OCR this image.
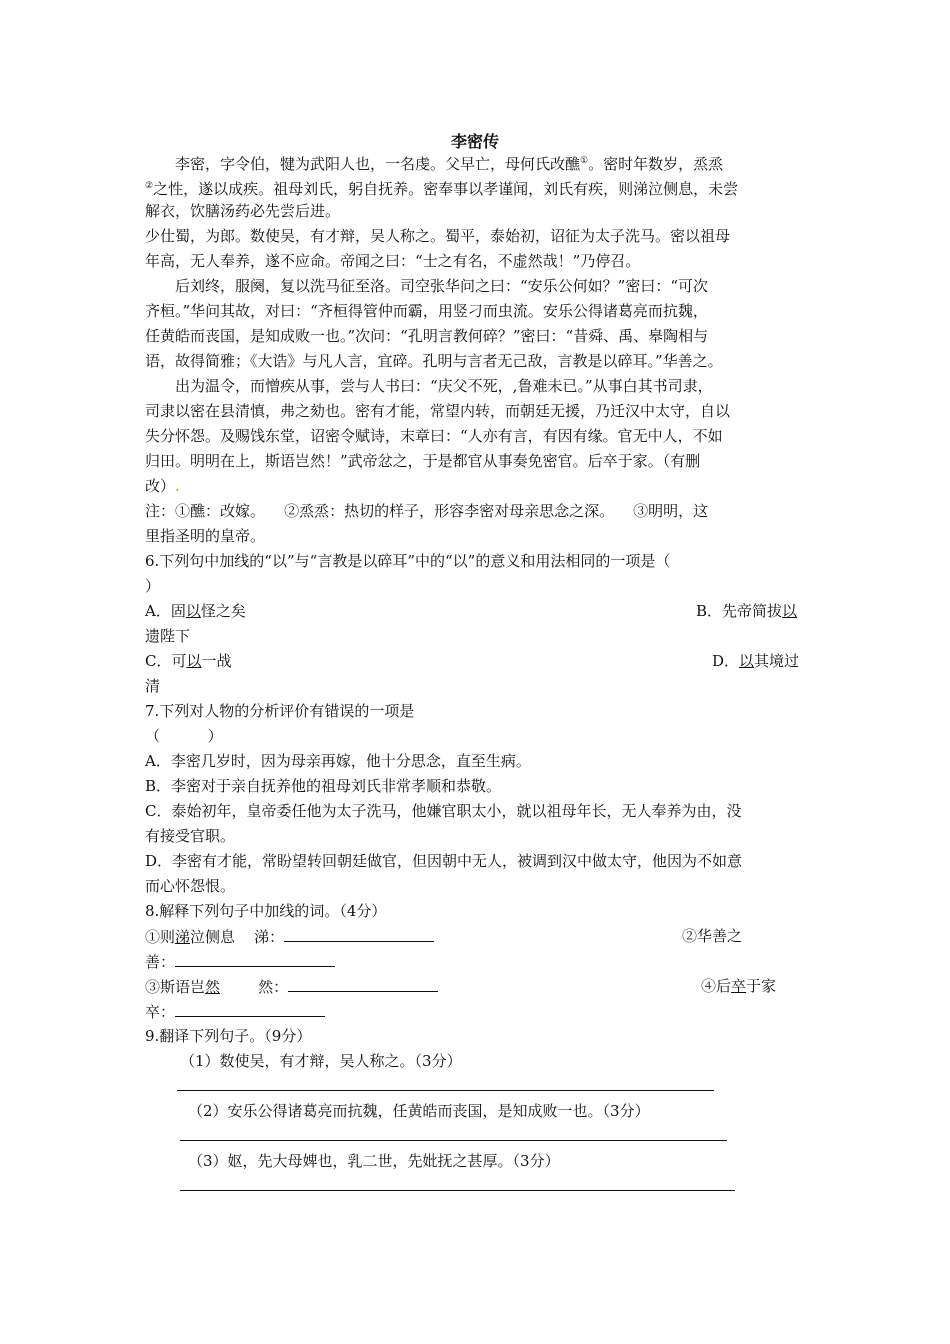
李密传
李密，字令伯，犍为武阳人也，一名虔。父早亡，母何氏改醮①。密时年数岁，烝烝
②之性，遂以成疾。祖母刘氏，躬自抚养。密奉事以孝谨闻，刘氏有疾，则涕泣侧息，未尝
解衣，饮膳汤药必先尝后进。
少仕蜀，为郎。数使吴，有才辩，吴人称之。蜀平，泰始初，诏征为太子洗马。密以祖母
年高，无人奉养，遂不应命。帝闻之曰：“士之有名，不虚然哉！”乃停召。
后刘终，服阕，复以洗马征至洛。司空张华问之曰：“安乐公何如？”密曰：“可次
齐桓。”华问其故，对曰：“齐桓得管仲而霸，用竖刁而虫流。安乐公得诸葛亮而抗魏，
任黄皓而丧国，是知成败一也。”次问：“孔明言教何碎？”密曰：“昔舜、禹、皋陶相与
语，故得简雅；《大诰》与凡人言，宜碎。孔明与言者无己敌，言教是以碎耳。”华善之。
出为温令，而憎疾从事，尝与人书曰：“庆父不死，,鲁难未已。”从事白其书司隶，
司隶以密在县清慎，弗之劾也。密有才能，常望内转，而朝廷无援，乃迁汉中太守，自以
失分怀怨。及赐饯东堂，诏密令赋诗，末章曰：“人亦有言，有因有缘。官无中人，不如
归田。明明在上，斯语岂然！”武帝忿之，于是都官从事奏免密官。后卒于家。（有删
改）.
注：①醮：改嫁。    ②烝烝：热切的样子，形容李密对母亲思念之深。    ③明明，这
里指圣明的皇帝。
6.下列句中加线的“以”与“言教是以碎耳”中的“以”的意义和用法相同的一项是（
）
A．固以怪之矣	B．先帝简拔以
遗陛下
C．可以一战	D．以其境过
清
7.下列对人物的分析评价有错误的一项是
（          ）
A．李密几岁时，因为母亲再嫁，他十分思念，直至生病。
B．李密对于亲自抚养他的祖母刘氏非常孝顺和恭敬。
C．泰始初年，皇帝委任他为太子洗马，他嫌官职太小，就以祖母年长，无人奉养为由，没
有接受官职。
D．李密有才能，常盼望转回朝廷做官，但因朝中无人，被调到汉中做太守，他因为不如意
而心怀怨恨。
8.解释下列句子中加线的词。（4分）
①则涕泣侧息    涕：	②华善之
善：
③斯语岂然        然：	④后卒于家
卒：
9.翻译下列句子。（9分）
（1）数使吴，有才辩，吴人称之。（3分）
（2）安乐公得诸葛亮而抗魏，任黄皓而丧国，是知成败一也。（3分）
（3）妪，先大母婢也，乳二世，先妣抚之甚厚。（3分）
